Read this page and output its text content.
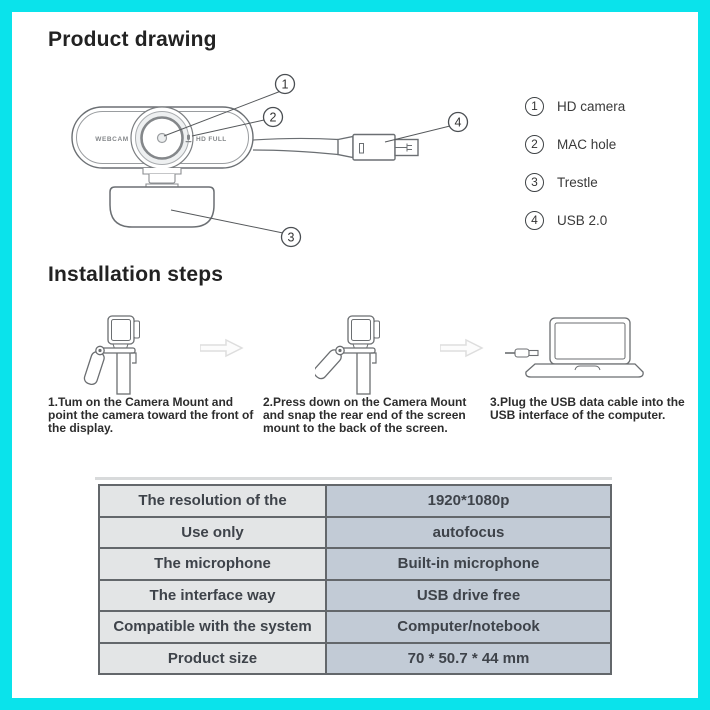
Product drawing
WEBCAM	HD FULL
1
2
3
4
1	HD camera
2	MAC hole
3	Trestle
4	USB 2.0
Installation steps
1.Tum on the Camera Mount and point the camera toward the front of the display.
2.Press down on the Camera Mount and snap the rear end of the screen mount to the back of the screen.
3.Plug the USB data cable into the USB interface of the computer.
The resolution of the	1920*1080p
Use only	autofocus
The microphone	Built-in microphone
The interface way	USB drive free
Compatible with the system	Computer/notebook
Product size	70 * 50.7 * 44 mm
